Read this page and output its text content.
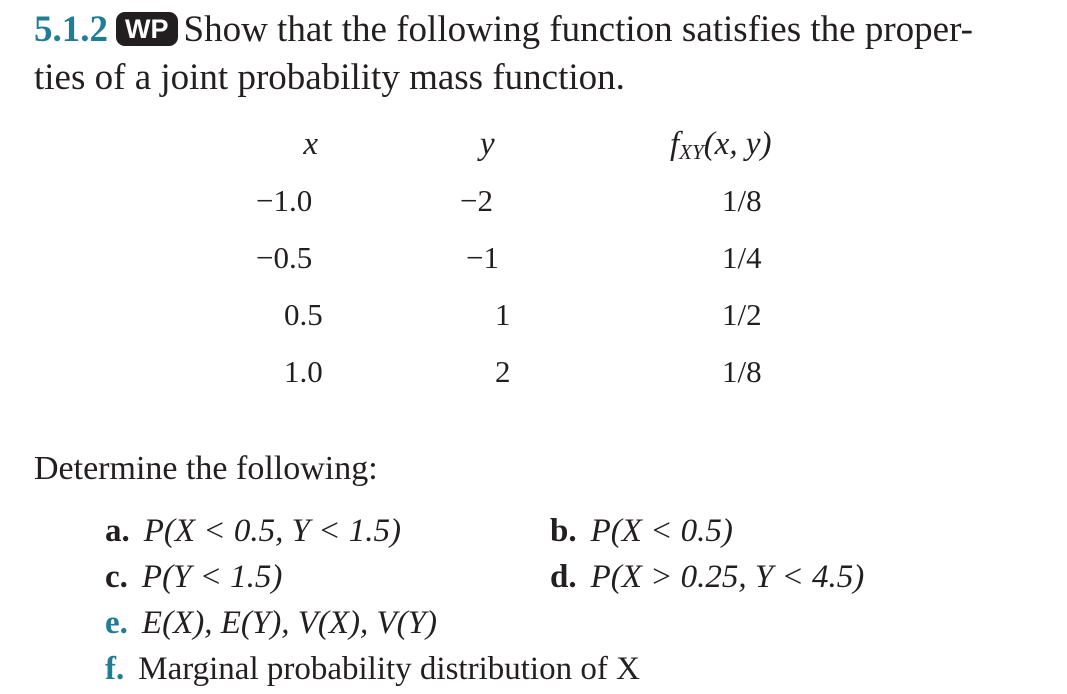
5.1.2 WP Show that the following function satisfies the proper-
ties of a joint probability mass function.
x	y	$f_{XY}(x$, y)
−1.0	−2	1/8
−0.5	−1	1/4
0.5	1	1/2
1.0	2	1/8
Determine the following:
a. P(X < 0.5, Y < 1.5)	b. P(X < 0.5)
c. P(Y < 1.5)	d. P(X > 0.25, Y < 4.5)
e. E(X), E(Y), V(X), V(Y)
f. Marginal probability distribution of X
